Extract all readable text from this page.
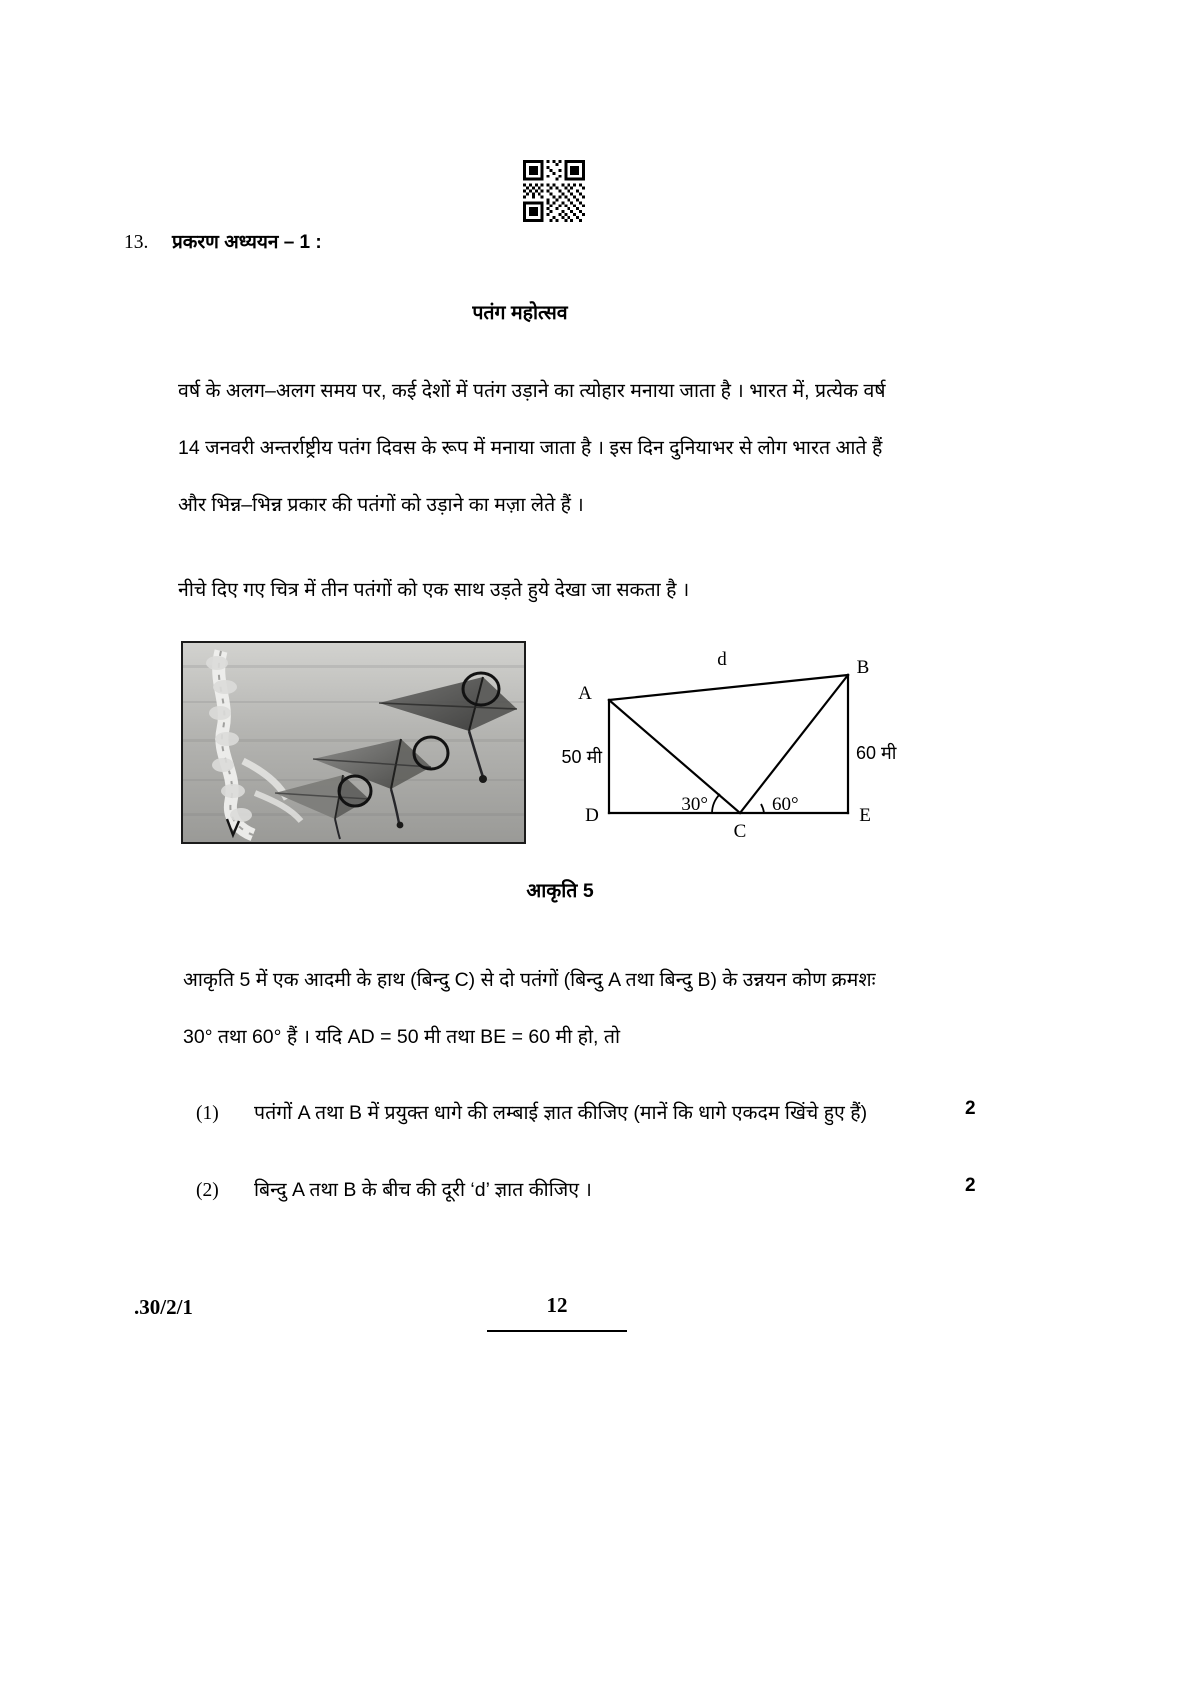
13. प्रकरण अध्ययन – 1 :
पतंग महोत्सव
वर्ष के अलग–अलग समय पर, कई देशों में पतंग उड़ाने का त्योहार मनाया जाता है । भारत में, प्रत्येक वर्ष
14 जनवरी अन्तर्राष्ट्रीय पतंग दिवस के रूप में मनाया जाता है । इस दिन दुनियाभर से लोग भारत आते हैं
और भिन्न–भिन्न प्रकार की पतंगों को उड़ाने का मज़ा लेते हैं ।
नीचे दिए गए चित्र में तीन पतंगों को एक साथ उड़ते हुये देखा जा सकता है ।
A
B
C
D	E
d
30°	60°
50 मी	60 मी
आकृति 5
आकृति 5 में एक आदमी के हाथ (बिन्दु C) से दो पतंगों (बिन्दु A तथा बिन्दु B) के उन्नयन कोण क्रमशः
30° तथा 60° हैं । यदि AD = 50 मी तथा BE = 60 मी हो, तो
(1) पतंगों A तथा B में प्रयुक्त धागे की लम्बाई ज्ञात कीजिए (मानें कि धागे एकदम खिंचे हुए हैं)	2
(2) बिन्दु A तथा B के बीच की दूरी ‘d’ ज्ञात कीजिए ।	2
.30/2/1	12
